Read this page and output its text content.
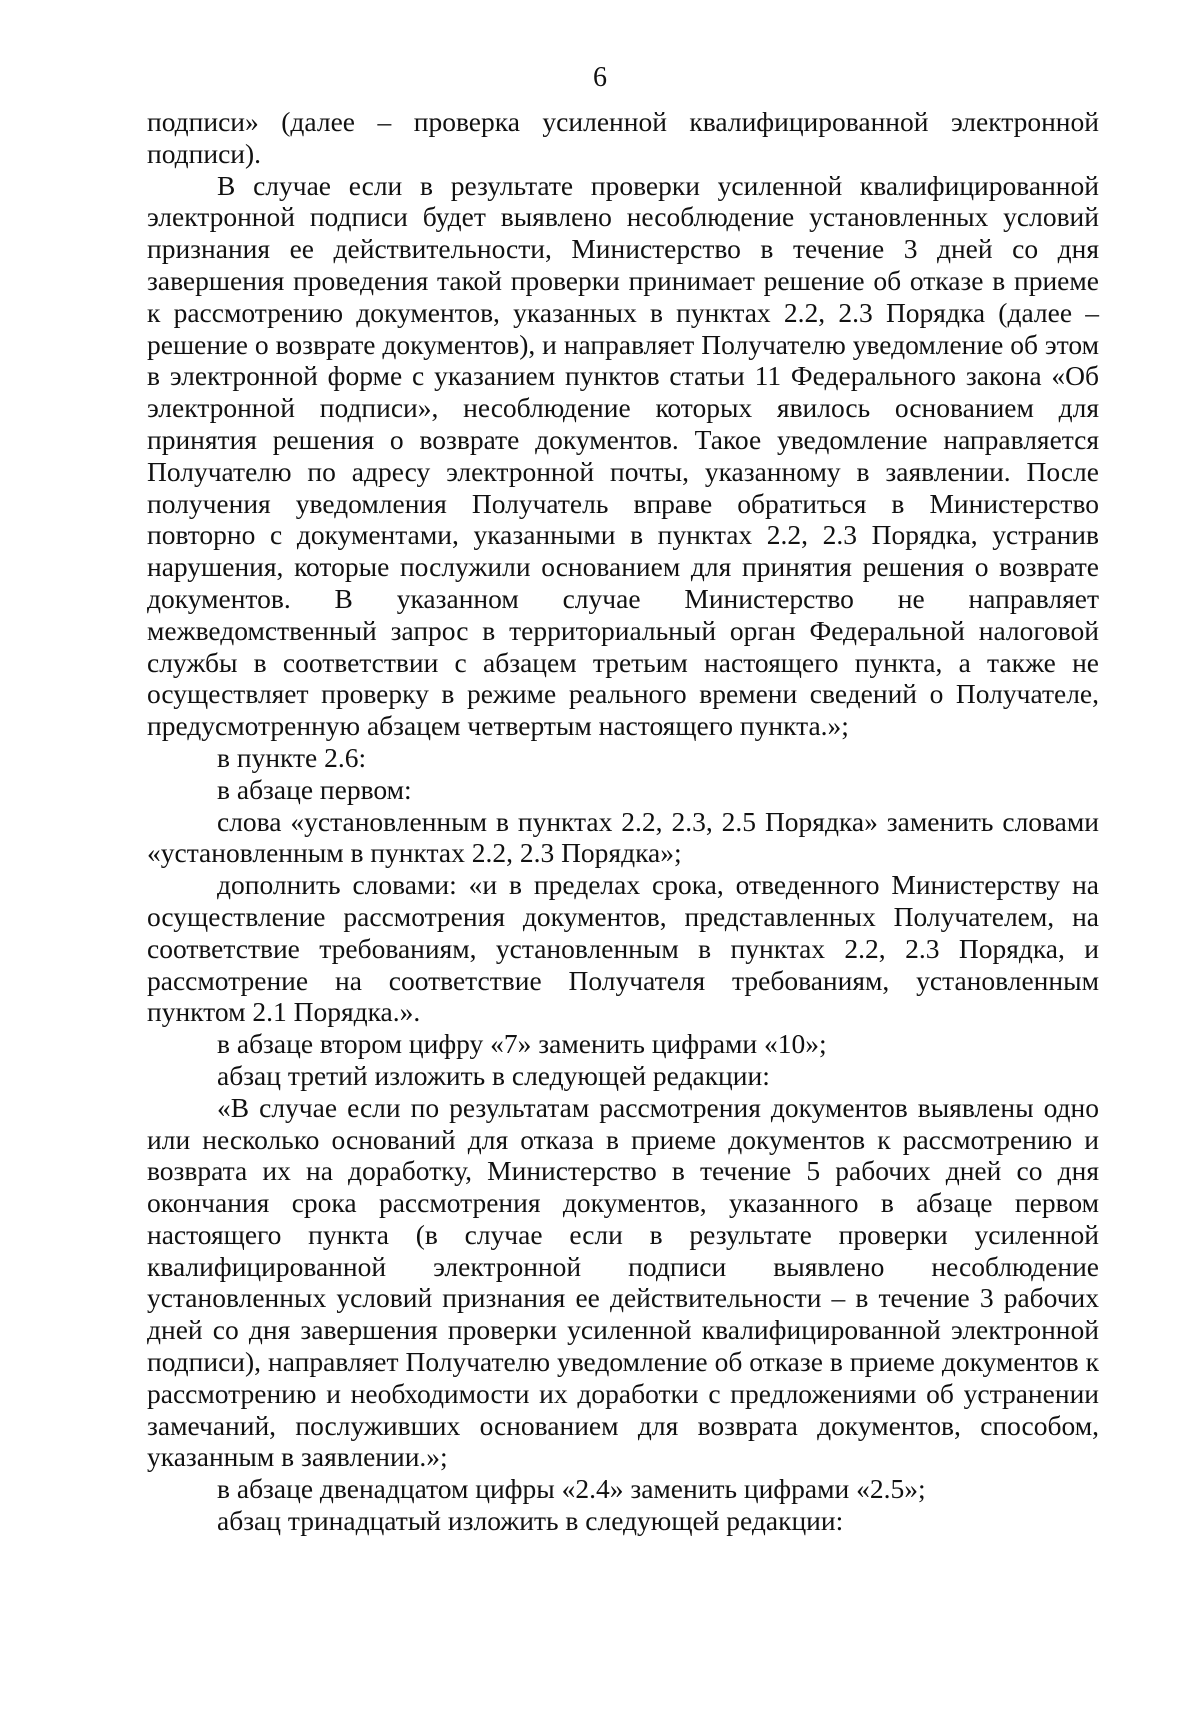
6

подписи» (далее – проверка усиленной квалифицированной электронной подписи).

В случае если в результате проверки усиленной квалифицированной электронной подписи будет выявлено несоблюдение установленных условий признания ее действительности, Министерство в течение 3 дней со дня завершения проведения такой проверки принимает решение об отказе в приеме к рассмотрению документов, указанных в пунктах 2.2, 2.3 Порядка (далее – решение о возврате документов), и направляет Получателю уведомление об этом в электронной форме с указанием пунктов статьи 11 Федерального закона «Об электронной подписи», несоблюдение которых явилось основанием для принятия решения о возврате документов. Такое уведомление направляется Получателю по адресу электронной почты, указанному в заявлении. После получения уведомления Получатель вправе обратиться в Министерство повторно с документами, указанными в пунктах 2.2, 2.3 Порядка, устранив нарушения, которые послужили основанием для принятия решения о возврате документов. В указанном случае Министерство не направляет межведомственный запрос в территориальный орган Федеральной налоговой службы в соответствии с абзацем третьим настоящего пункта, а также не осуществляет проверку в режиме реального времени сведений о Получателе, предусмотренную абзацем четвертым настоящего пункта.»;

в пункте 2.6:

в абзаце первом:

слова «установленным в пунктах 2.2, 2.3, 2.5 Порядка» заменить словами «установленным в пунктах 2.2, 2.3 Порядка»;

дополнить словами: «и в пределах срока, отведенного Министерству на осуществление рассмотрения документов, представленных Получателем, на соответствие требованиям, установленным в пунктах 2.2, 2.3 Порядка, и рассмотрение на соответствие Получателя требованиям, установленным пунктом 2.1 Порядка.».

в абзаце втором цифру «7» заменить цифрами «10»;

абзац третий изложить в следующей редакции:

«В случае если по результатам рассмотрения документов выявлены одно или несколько оснований для отказа в приеме документов к рассмотрению и возврата их на доработку, Министерство в течение 5 рабочих дней со дня окончания срока рассмотрения документов, указанного в абзаце первом настоящего пункта (в случае если в результате проверки усиленной квалифицированной электронной подписи выявлено несоблюдение установленных условий признания ее действительности – в течение 3 рабочих дней со дня завершения проверки усиленной квалифицированной электронной подписи), направляет Получателю уведомление об отказе в приеме документов к рассмотрению и необходимости их доработки с предложениями об устранении замечаний, послуживших основанием для возврата документов, способом, указанным в заявлении.»;

в абзаце двенадцатом цифры «2.4» заменить цифрами «2.5»;

абзац тринадцатый изложить в следующей редакции:
